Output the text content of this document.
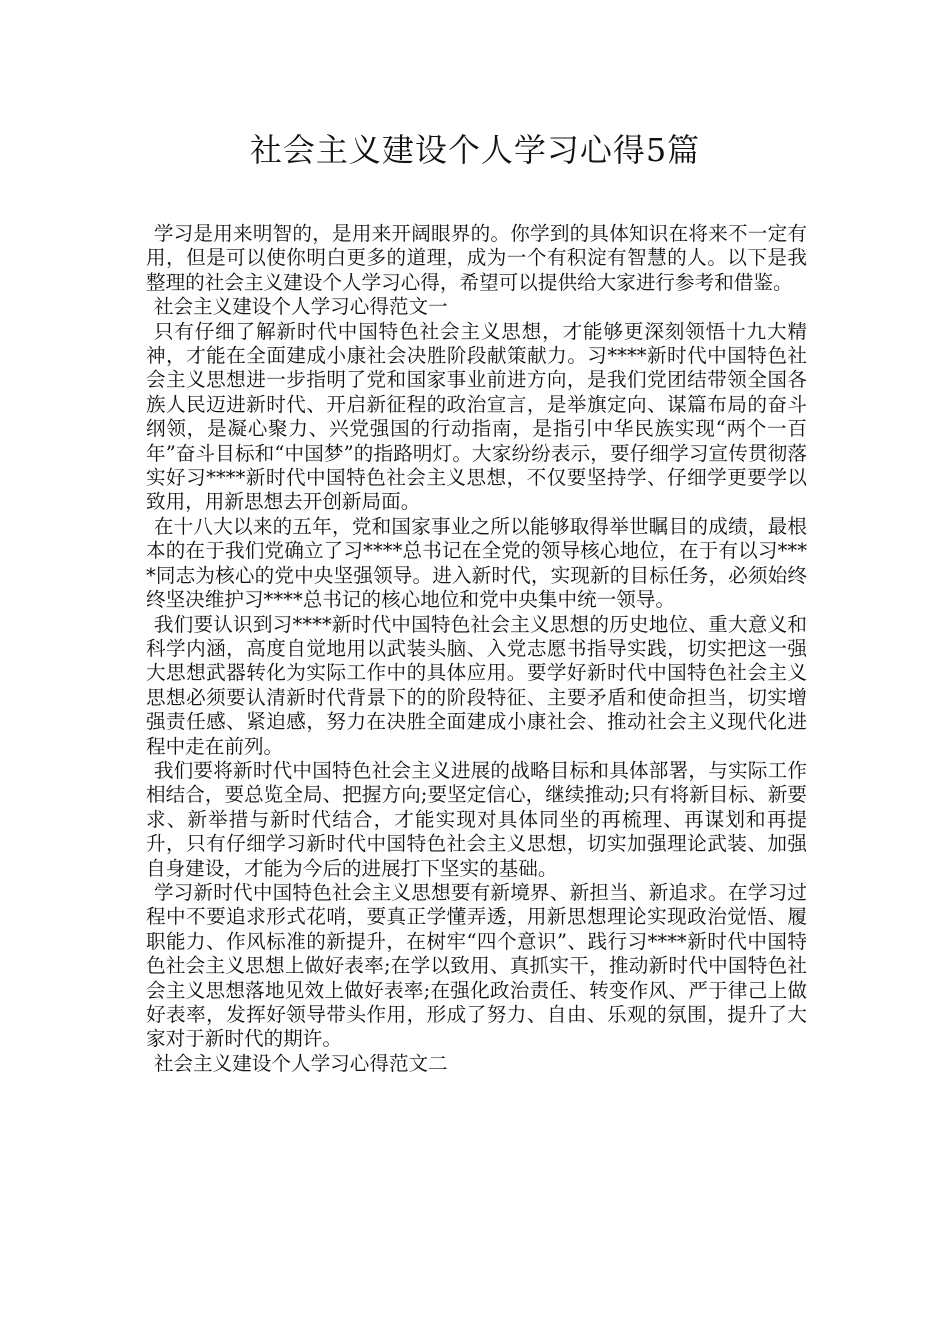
社会主义建设个人学习心得5篇

学习是用来明智的，是用来开阔眼界的。你学到的具体知识在将来不一定有用，但是可以使你明白更多的道理，成为一个有积淀有智慧的人。以下是我整理的社会主义建设个人学习心得，希望可以提供给大家进行参考和借鉴。

社会主义建设个人学习心得范文一

只有仔细了解新时代中国特色社会主义思想，才能够更深刻领悟十九大精神，才能在全面建成小康社会决胜阶段献策献力。习****新时代中国特色社会主义思想进一步指明了党和国家事业前进方向，是我们党团结带领全国各族人民迈进新时代、开启新征程的政治宣言，是举旗定向、谋篇布局的奋斗纲领，是凝心聚力、兴党强国的行动指南，是指引中华民族实现“两个一百年”奋斗目标和“中国梦”的指路明灯。大家纷纷表示，要仔细学习宣传贯彻落实好习****新时代中国特色社会主义思想，不仅要坚持学、仔细学更要学以致用，用新思想去开创新局面。

在十八大以来的五年，党和国家事业之所以能够取得举世瞩目的成绩，最根本的在于我们党确立了习****总书记在全党的领导核心地位，在于有以习****同志为核心的党中央坚强领导。进入新时代，实现新的目标任务，必须始终终坚决维护习****总书记的核心地位和党中央集中统一领导。

我们要认识到习****新时代中国特色社会主义思想的历史地位、重大意义和科学内涵，高度自觉地用以武装头脑、入党志愿书指导实践，切实把这一强大思想武器转化为实际工作中的具体应用。要学好新时代中国特色社会主义思想必须要认清新时代背景下的的阶段特征、主要矛盾和使命担当，切实增强责任感、紧迫感，努力在决胜全面建成小康社会、推动社会主义现代化进程中走在前列。

我们要将新时代中国特色社会主义进展的战略目标和具体部署，与实际工作相结合，要总览全局、把握方向;要坚定信心，继续推动;只有将新目标、新要求、新举措与新时代结合，才能实现对具体同坐的再梳理、再谋划和再提升，只有仔细学习新时代中国特色社会主义思想，切实加强理论武装、加强自身建设，才能为今后的进展打下坚实的基础。

学习新时代中国特色社会主义思想要有新境界、新担当、新追求。在学习过程中不要追求形式花哨，要真正学懂弄透，用新思想理论实现政治觉悟、履职能力、作风标准的新提升，在树牢“四个意识”、践行习****新时代中国特色社会主义思想上做好表率;在学以致用、真抓实干，推动新时代中国特色社会主义思想落地见效上做好表率;在强化政治责任、转变作风、严于律己上做好表率，发挥好领导带头作用，形成了努力、自由、乐观的氛围，提升了大家对于新时代的期许。

社会主义建设个人学习心得范文二
